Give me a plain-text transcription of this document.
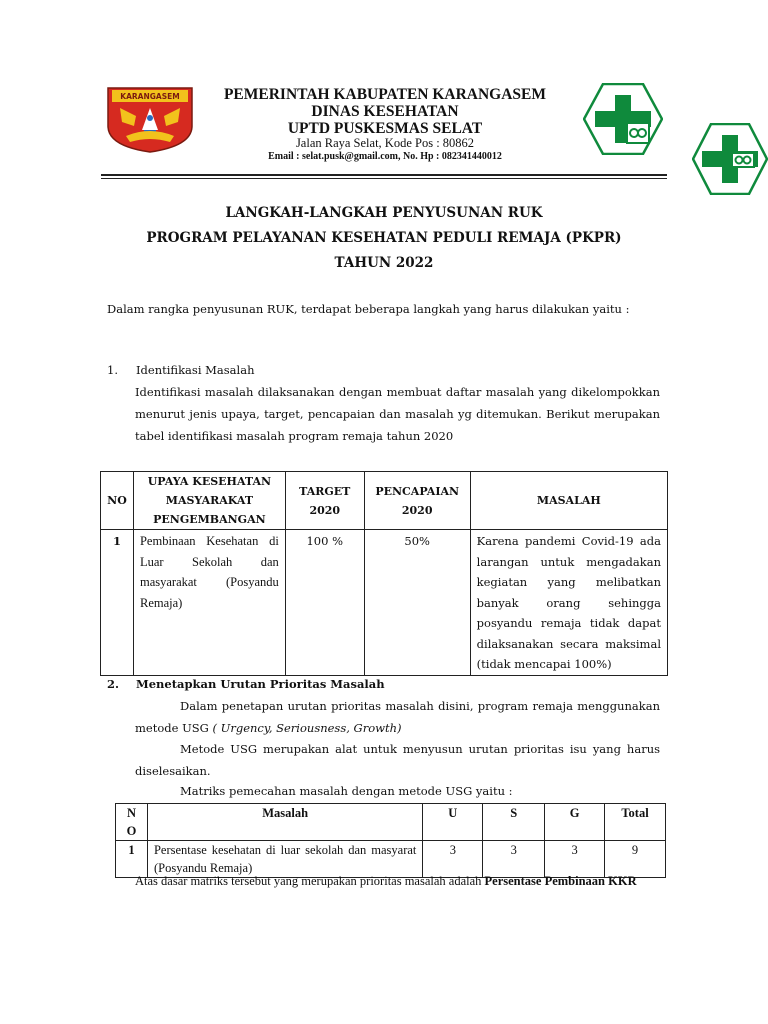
KARANGASEM	PEMERINTAH KABUPATEN KARANGASEM
DINAS KESEHATAN
UPTD PUSKESMAS SELAT
Jalan Raya Selat, Kode Pos : 80862
Email : selat.pusk@gmail.com, No. Hp : 082341440012
LANGKAH-LANGKAH PENYUSUNAN RUK
PROGRAM PELAYANAN KESEHATAN PEDULI REMAJA (PKPR)
TAHUN 2022
Dalam rangka penyusunan RUK, terdapat beberapa langkah yang harus dilakukan yaitu :
1. Identifikasi Masalah
Identifikasi masalah dilaksanakan dengan membuat daftar masalah yang dikelompokkan menurut jenis upaya, target, pencapaian dan masalah yg ditemukan. Berikut merupakan tabel identifikasi masalah program remaja tahun 2020
NO	UPAYA KESEHATAN MASYARAKAT PENGEMBANGAN	TARGET 2020	PENCAPAIAN 2020	MASALAH
1	Pembinaan Kesehatan di Luar Sekolah dan masyarakat (Posyandu Remaja)	100 %	50%	Karena pandemi Covid-19 ada larangan untuk mengadakan kegiatan yang melibatkan banyak orang sehingga posyandu remaja tidak dapat dilaksanakan secara maksimal (tidak mencapai 100%)
2. Menetapkan Urutan Prioritas Masalah
Dalam penetapan urutan prioritas masalah disini, program remaja menggunakan metode USG ( Urgency, Seriousness, Growth)
Metode USG merupakan alat untuk menyusun urutan prioritas isu yang harus diselesaikan.
Matriks pemecahan masalah dengan metode USG yaitu :
NO	Masalah	U	S	G	Total
1	Persentase kesehatan di luar sekolah dan masyarat (Posyandu Remaja)	3	3	3	9
Atas dasar matriks tersebut yang merupakan prioritas masalah adalah Persentase Pembinaan KKR
